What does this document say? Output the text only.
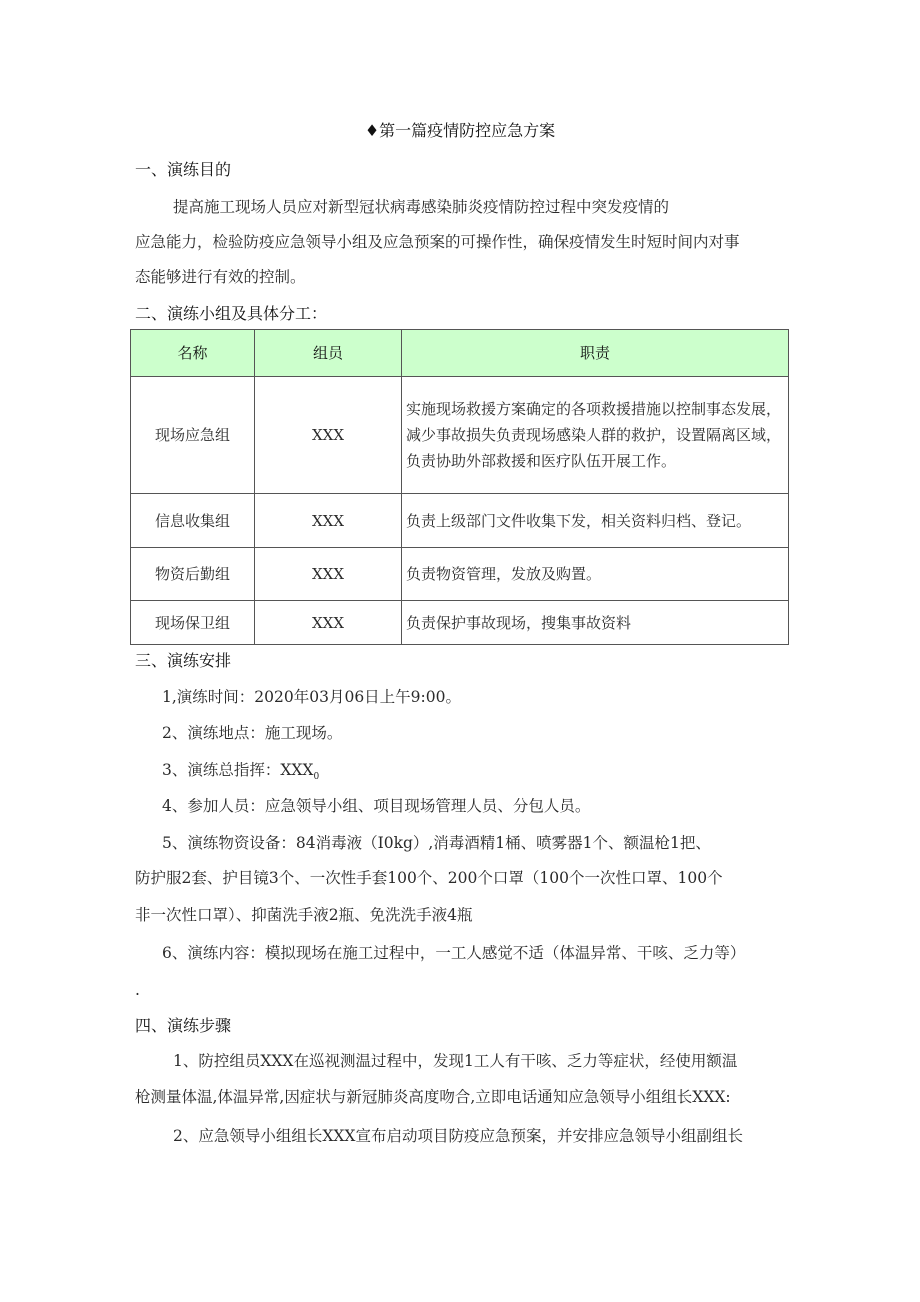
♦第一篇疫情防控应急方案
一、演练目的
提高施工现场人员应对新型冠状病毒感染肺炎疫情防控过程中突发疫情的
应急能力，检验防疫应急领导小组及应急预案的可操作性，确保疫情发生时短时间内对事
态能够进行有效的控制。
二、演练小组及具体分工：
名称	组员	职责
现场应急组	XXX	实施现场救援方案确定的各项救援措施以控制事态发展，减少事故损失负责现场感染人群的救护，设置隔离区域，负责协助外部救援和医疗队伍开展工作。
信息收集组	XXX	负责上级部门文件收集下发，相关资料归档、登记。
物资后勤组	XXX	负责物资管理，发放及购置。
现场保卫组	XXX	负责保护事故现场，搜集事故资料
三、演练安排
1,演练时间：2020年03月06日上午9:00。
2、演练地点：施工现场。
3、演练总指挥：$XXX_0$
4、参加人员：应急领导小组、项目现场管理人员、分包人员。
5、演练物资设备：84消毒液（I0kg）,消毒酒精1桶、喷雾器1个、额温枪1把、
防护服2套、护目镜3个、一次性手套100个、200个口罩（100个一次性口罩、100个
非一次性口罩）、抑菌洗手液2瓶、免洗洗手液4瓶
6、演练内容：模拟现场在施工过程中，一工人感觉不适（体温异常、干咳、乏力等）
.
四、演练步骤
1、防控组员XXX在巡视测温过程中，发现1工人有干咳、乏力等症状，经使用额温
枪测量体温,体温异常,因症状与新冠肺炎高度吻合,立即电话通知应急领导小组组长XXX:
2、应急领导小组组长XXX宣布启动项目防疫应急预案，并安排应急领导小组副组长
